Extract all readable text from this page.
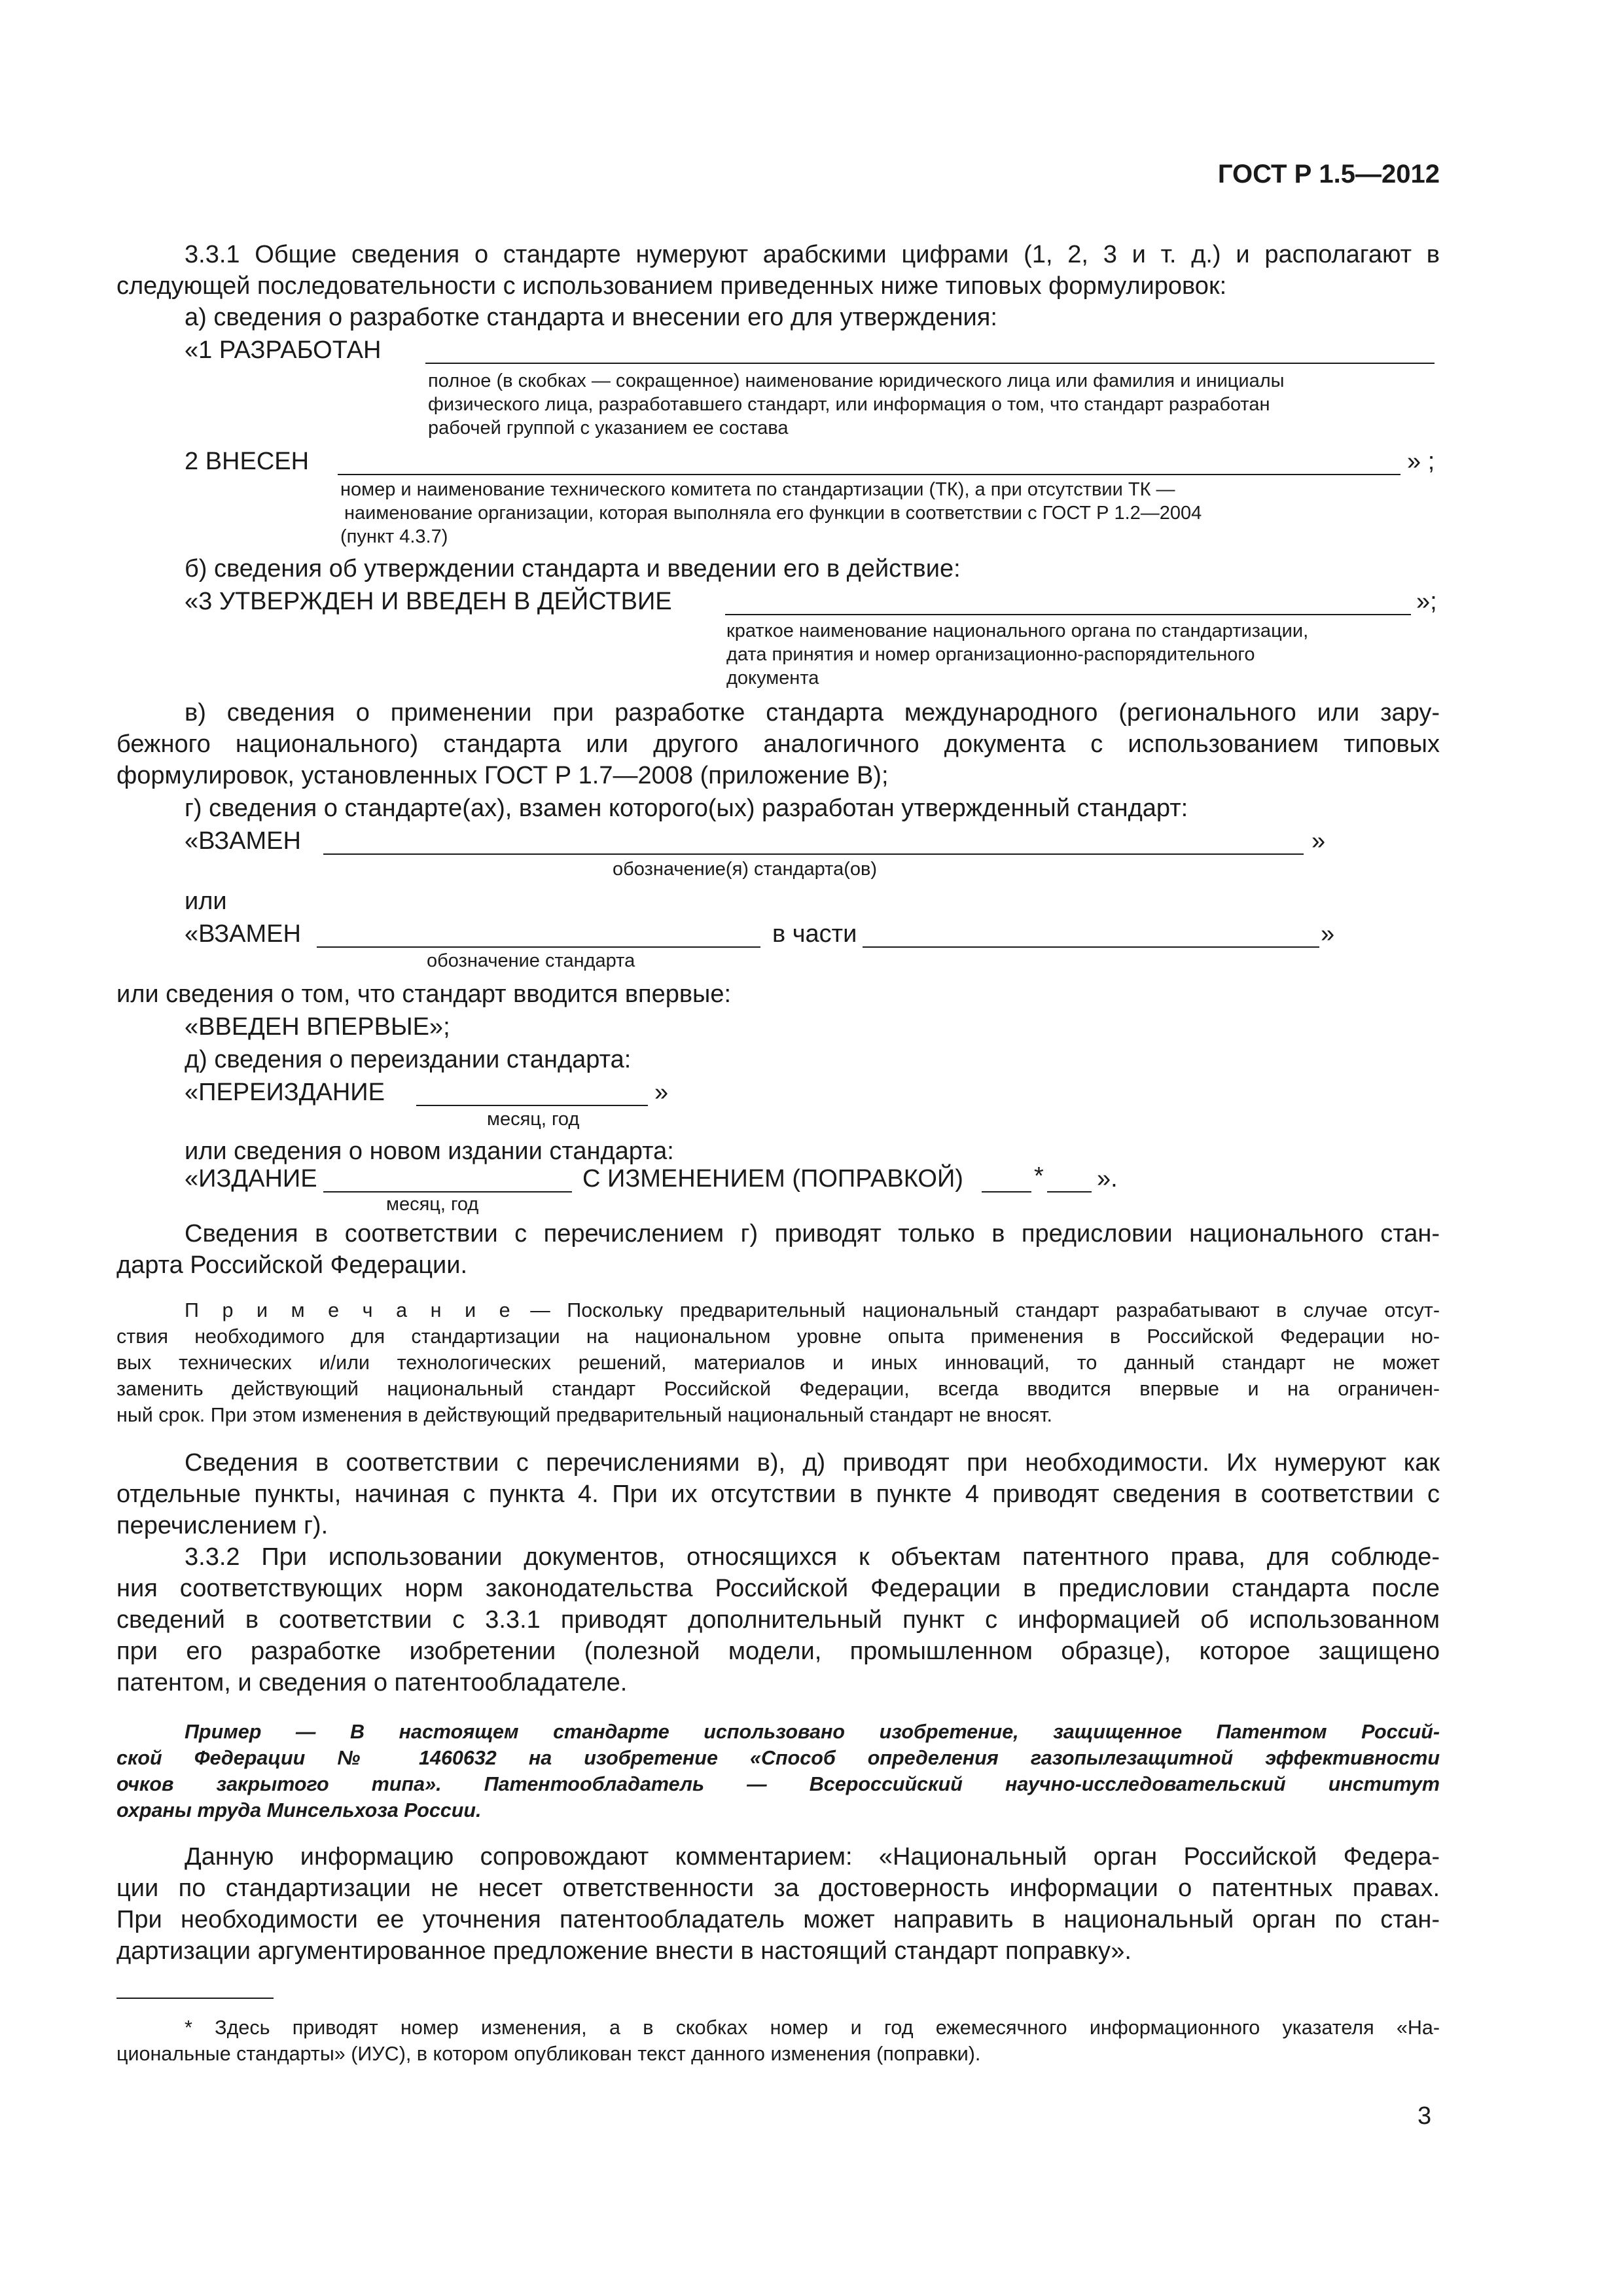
ГОСТ Р 1.5—2012
3.3.1 Общие сведения о стандарте нумеруют арабскими цифрами (1, 2, 3 и т. д.) и располагают в
следующей последовательности с использованием приведенных ниже типовых формулировок:
а) сведения о разработке стандарта и внесении его для утверждения:
«1 РАЗРАБОТАН
полное (в скобках — сокращенное) наименование юридического лица или фамилия и инициалы
физического лица, разработавшего стандарт, или информация о том, что стандарт разработан
рабочей группой с указанием ее состава
2 ВНЕСЕН	» ;
номер и наименование технического комитета по стандартизации (ТК), а при отсутствии ТК —
наименование организации, которая выполняла его функции в соответствии с ГОСТ Р 1.2—2004
(пункт 4.3.7)
б) сведения об утверждении стандарта и введении его в действие:
«3 УТВЕРЖДЕН И ВВЕДЕН В ДЕЙСТВИЕ	»;
краткое наименование национального органа по стандартизации,
дата принятия и номер организационно-распорядительного
документа
в) сведения о применении при разработке стандарта международного (регионального или зару-
бежного национального) стандарта или другого аналогичного документа с использованием типовых
формулировок, установленных ГОСТ Р 1.7—2008 (приложение В);
г) сведения о стандарте(ах), взамен которого(ых) разработан утвержденный стандарт:
«ВЗАМЕН	»
обозначение(я) стандарта(ов)
или
«ВЗАМЕН	в части	»
обозначение стандарта
или сведения о том, что стандарт вводится впервые:
«ВВЕДЕН ВПЕРВЫЕ»;
д) сведения о переиздании стандарта:
«ПЕРЕИЗДАНИЕ	»
месяц, год
или сведения о новом издании стандарта:
«ИЗДАНИЕ	С ИЗМЕНЕНИЕМ (ПОПРАВКОЙ)	* ».
месяц, год
Сведения в соответствии с перечислением г) приводят только в предисловии национального стан-
дарта Российской Федерации.
П р и м е ч а н и е — Поскольку предварительный национальный стандарт разрабатывают в случае отсут-
ствия необходимого для стандартизации на национальном уровне опыта применения в Российской Федерации но-
вых технических и/или технологических решений, материалов и иных инноваций, то данный стандарт не может
заменить действующий национальный стандарт Российской Федерации, всегда вводится впервые и на ограничен-
ный срок. При этом изменения в действующий предварительный национальный стандарт не вносят.
Сведения в соответствии с перечислениями в), д) приводят при необходимости. Их нумеруют как
отдельные пункты, начиная с пункта 4. При их отсутствии в пункте 4 приводят сведения в соответствии с
перечислением г).
3.3.2 При использовании документов, относящихся к объектам патентного права, для соблюде-
ния соответствующих норм законодательства Российской Федерации в предисловии стандарта после
сведений в соответствии с 3.3.1 приводят дополнительный пункт с информацией об использованном
при его разработке изобретении (полезной модели, промышленном образце), которое защищено
патентом, и сведения о патентообладателе.
Пример — В настоящем стандарте использовано изобретение, защищенное Патентом Россий-
ской Федерации № 1460632 на изобретение «Способ определения газопылезащитной эффективности
очков закрытого типа». Патентообладатель — Всероссийский научно-исследовательский институт
охраны труда Минсельхоза России.
Данную информацию сопровождают комментарием: «Национальный орган Российской Федера-
ции по стандартизации не несет ответственности за достоверность информации о патентных правах.
При необходимости ее уточнения патентообладатель может направить в национальный орган по стан-
дартизации аргументированное предложение внести в настоящий стандарт поправку».
* Здесь приводят номер изменения, а в скобках номер и год ежемесячного информационного указателя «На-
циональные стандарты» (ИУС), в котором опубликован текст данного изменения (поправки).
3
